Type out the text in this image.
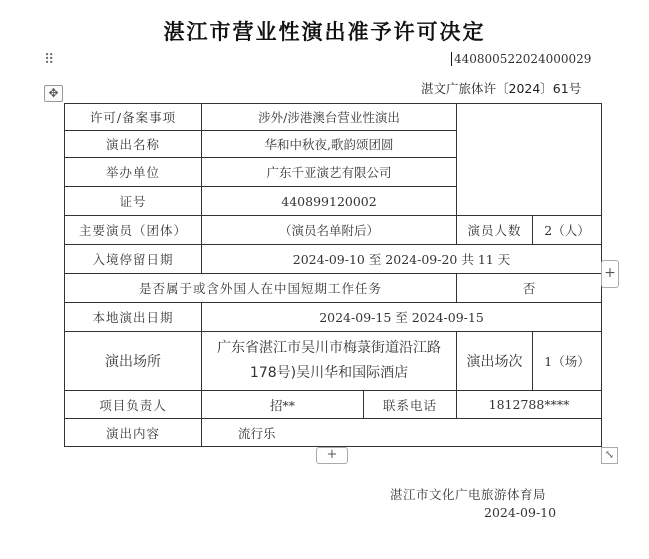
湛江市营业性演出准予许可决定
⠿
✥
440800522024000029
湛文广旅体许〔2024〕61号
许可/备案事项	涉外/涉港澳台营业性演出			
演出名称	华和中秋夜,歌韵颂团圆			
举办单位	广东千亚演艺有限公司			
证号	440899120002			
主要演员（团体）	（演员名单附后）		演员人数	2（人）
入境停留日期	2024-09-10 至 2024-09-20 共 11 天			
是否属于或含外国人在中国短期工作任务			否	
本地演出日期	2024-09-15 至 2024-09-15			
演出场所	广东省湛江市吴川市梅菉街道沿江路178号)吴川华和国际酒店		演出场次	1（场）
项目负责人	招**	联系电话	1812788****	
演出内容	流行乐			
+
+	⤡
湛江市文化广电旅游体育局
2024-09-10
